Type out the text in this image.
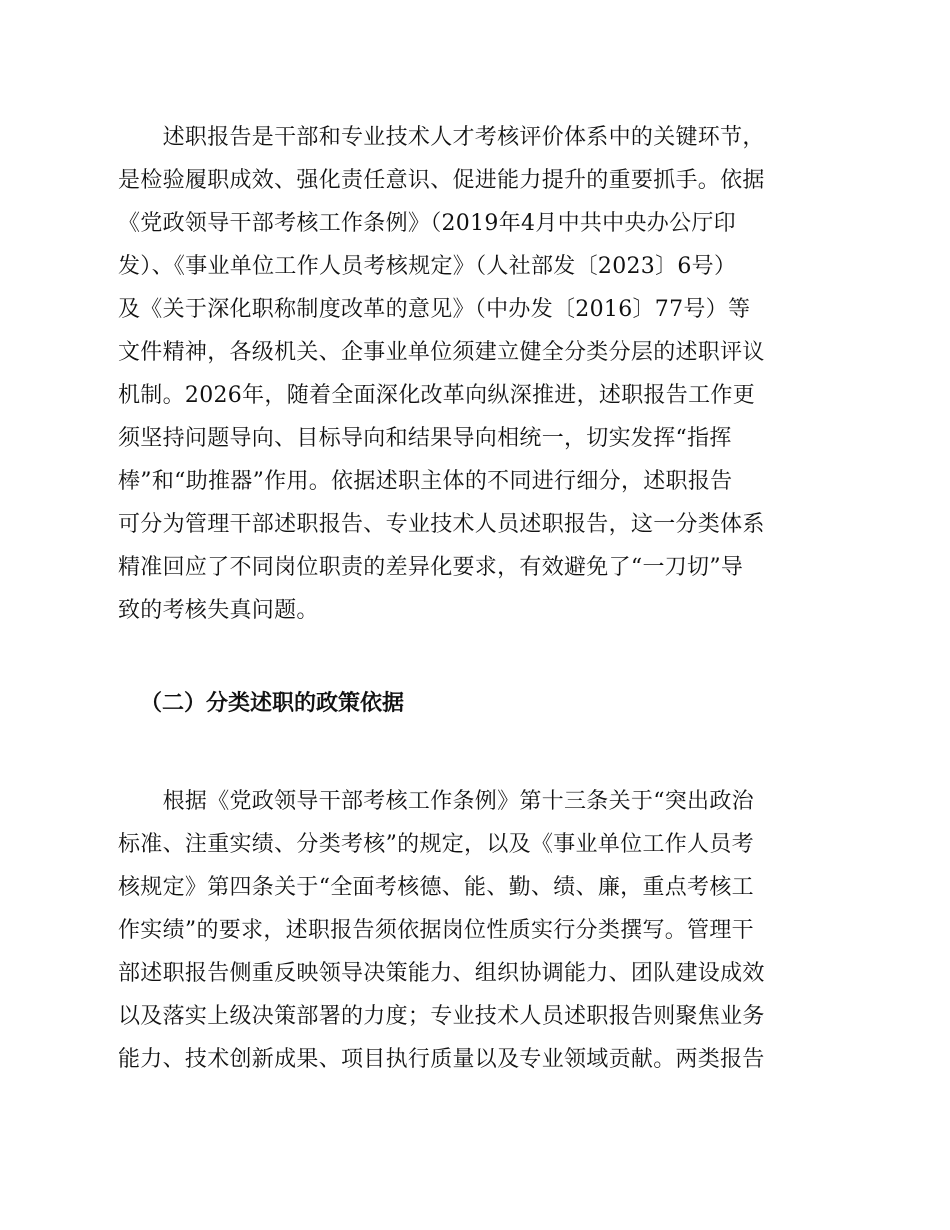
　　述职报告是干部和专业技术人才考核评价体系中的关键环节，
是检验履职成效、强化责任意识、促进能力提升的重要抓手。依据
《党政领导干部考核工作条例》（2019年4月中共中央办公厅印
发）、《事业单位工作人员考核规定》（人社部发〔2023〕6号）
及《关于深化职称制度改革的意见》（中办发〔2016〕77号）等
文件精神，各级机关、企事业单位须建立健全分类分层的述职评议
机制。2026年，随着全面深化改革向纵深推进，述职报告工作更
须坚持问题导向、目标导向和结果导向相统一，切实发挥“指挥
棒”和“助推器”作用。依据述职主体的不同进行细分，述职报告
可分为管理干部述职报告、专业技术人员述职报告，这一分类体系
精准回应了不同岗位职责的差异化要求，有效避免了“一刀切”导
致的考核失真问题。
（二）分类述职的政策依据
　　根据《党政领导干部考核工作条例》第十三条关于“突出政治
标准、注重实绩、分类考核”的规定，以及《事业单位工作人员考
核规定》第四条关于“全面考核德、能、勤、绩、廉，重点考核工
作实绩”的要求，述职报告须依据岗位性质实行分类撰写。管理干
部述职报告侧重反映领导决策能力、组织协调能力、团队建设成效
以及落实上级决策部署的力度；专业技术人员述职报告则聚焦业务
能力、技术创新成果、项目执行质量以及专业领域贡献。两类报告
